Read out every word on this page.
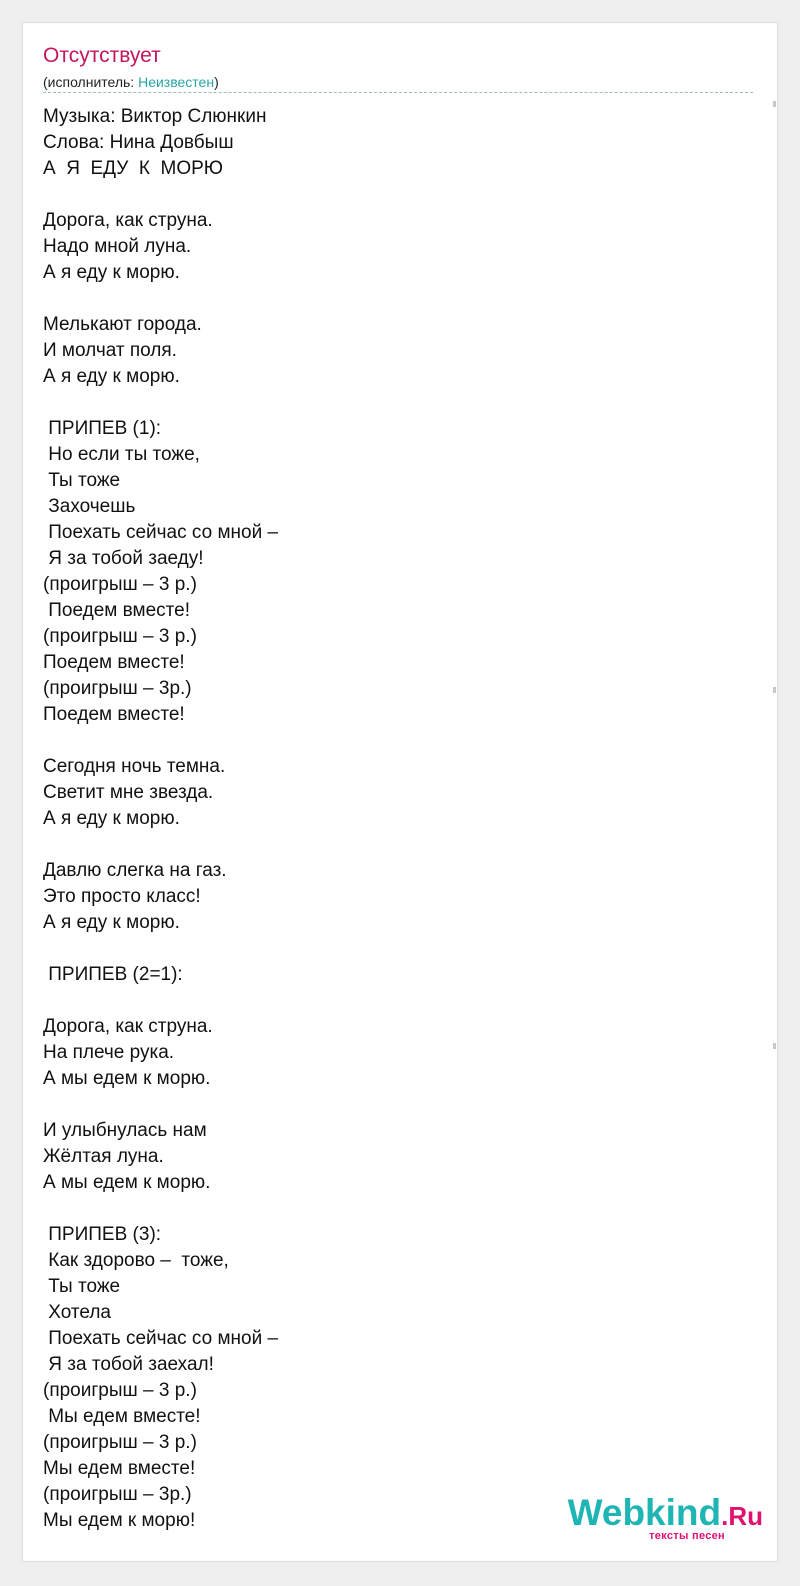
Отсутствует
(исполнитель: Неизвестен)
Музыка: Виктор Слюнкин
Слова: Нина Довбыш
А  Я  ЕДУ  К  МОРЮ
Дорога, как струна.
Надо мной луна.
А я еду к морю.
Мелькают города.
И молчат поля.
А я еду к морю.
ПРИПЕВ (1):
Но если ты тоже,
Ты тоже
Захочешь
Поехать сейчас со мной –
Я за тобой заеду!
(проигрыш – 3 р.)
Поедем вместе!
(проигрыш – 3 р.)
Поедем вместе!
(проигрыш – 3р.)
Поедем вместе!
Сегодня ночь темна.
Светит мне звезда.
А я еду к морю.
Давлю слегка на газ.
Это просто класс!
А я еду к морю.
ПРИПЕВ (2=1):
Дорога, как струна.
На плече рука.
А мы едем к морю.
И улыбнулась нам
Жёлтая луна.
А мы едем к морю.
ПРИПЕВ (3):
Как здорово –  тоже,
Ты тоже
Хотела
Поехать сейчас со мной –
Я за тобой заехал!
(проигрыш – 3 р.)
Мы едем вместе!
(проигрыш – 3 р.)
Мы едем вместе!
(проигрыш – 3р.)
Мы едем к морю!	Webkind.Ru
тексты песен
